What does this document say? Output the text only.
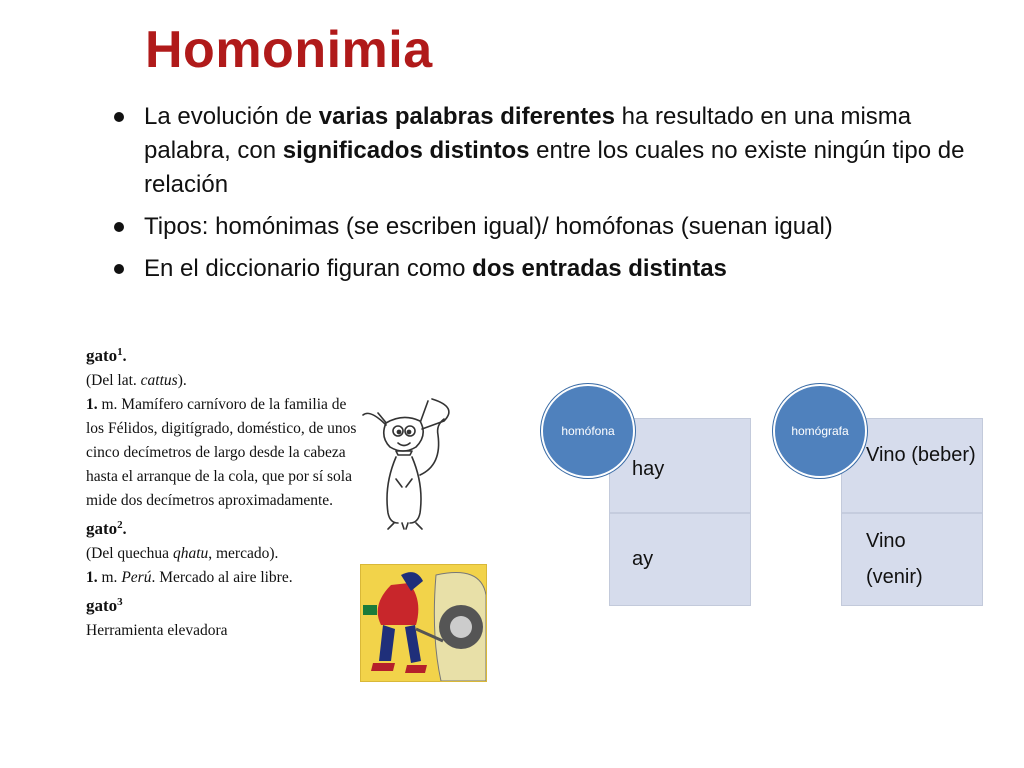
Homonimia
La evolución de varias palabras diferentes ha resultado en una misma palabra, con significados distintos entre los cuales no existe ningún tipo de relación
Tipos: homónimas (se escriben igual)/ homófonas (suenan igual)
En el diccionario figuran como dos entradas distintas
gato$^1$.
(Del lat. cattus).
1. m. Mamífero carnívoro de la familia de los Félidos, digitígrado, doméstico, de unos cinco decímetros de largo desde la cabeza hasta el arranque de la cola, que por sí sola mide dos decímetros aproximadamente.
gato$^2$.
(Del quechua qhatu, mercado).
1. m. Perú. Mercado al aire libre.
gato$^3$
Herramienta elevadora
hay
ay
homófona
Vino (beber)
Vino
(venir)
homógrafa
